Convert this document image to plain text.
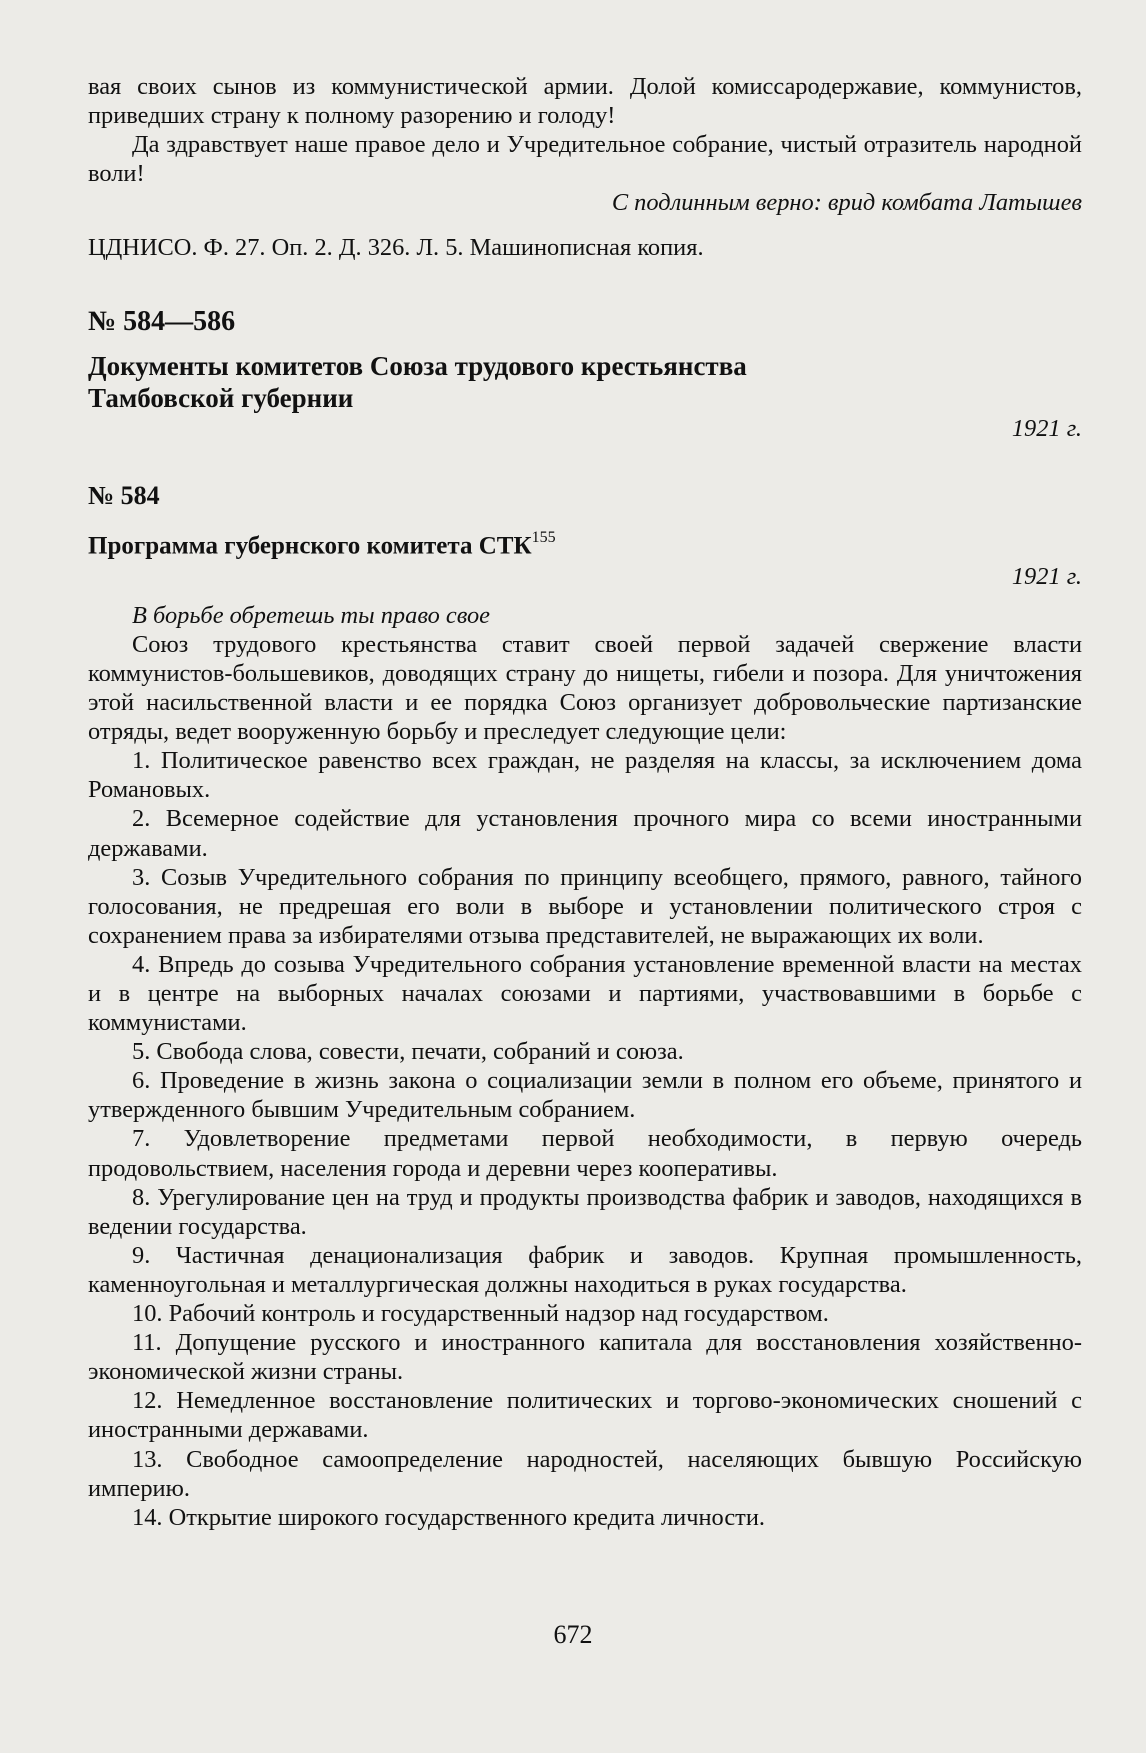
вая своих сынов из коммунистической армии. Долой комиссародержавие, коммунистов, приведших страну к полному разорению и голоду!

Да здравствует наше правое дело и Учредительное собрание, чистый отразитель народной воли!

С подлинным верно: врид комбата Латышев

ЦДНИСО. Ф. 27. Оп. 2. Д. 326. Л. 5. Машинописная копия.

№ 584—586
Документы комитетов Союза трудового крестьянства
Тамбовской губернии
1921 г.
№ 584
Программа губернского комитета СТК$^{155}$
1921 г.

В борьбе обретешь ты право свое

Союз трудового крестьянства ставит своей первой задачей свержение власти коммунистов-большевиков, доводящих страну до нищеты, гибели и позора. Для уничтожения этой насильственной власти и ее порядка Союз организует добровольческие партизанские отряды, ведет вооруженную борьбу и преследует следующие цели:

1. Политическое равенство всех граждан, не разделяя на классы, за исключением дома Романовых.

2. Всемерное содействие для установления прочного мира со всеми иностранными державами.

3. Созыв Учредительного собрания по принципу всеобщего, прямого, равного, тайного голосования, не предрешая его воли в выборе и установлении политического строя с сохранением права за избирателями отзыва представителей, не выражающих их воли.

4. Впредь до созыва Учредительного собрания установление временной власти на местах и в центре на выборных началах союзами и партиями, участвовавшими в борьбе с коммунистами.

5. Свобода слова, совести, печати, собраний и союза.

6. Проведение в жизнь закона о социализации земли в полном его объеме, принятого и утвержденного бывшим Учредительным собранием.

7. Удовлетворение предметами первой необходимости, в первую очередь продовольствием, населения города и деревни через кооперативы.

8. Урегулирование цен на труд и продукты производства фабрик и заводов, находящихся в ведении государства.

9. Частичная денационализация фабрик и заводов. Крупная промышленность, каменноугольная и металлургическая должны находиться в руках государства.

10. Рабочий контроль и государственный надзор над государством.

11. Допущение русского и иностранного капитала для восстановления хозяйственно-экономической жизни страны.

12. Немедленное восстановление политических и торгово-экономических сношений с иностранными державами.

13. Свободное самоопределение народностей, населяющих бывшую Российскую империю.

14. Открытие широкого государственного кредита личности.

672
